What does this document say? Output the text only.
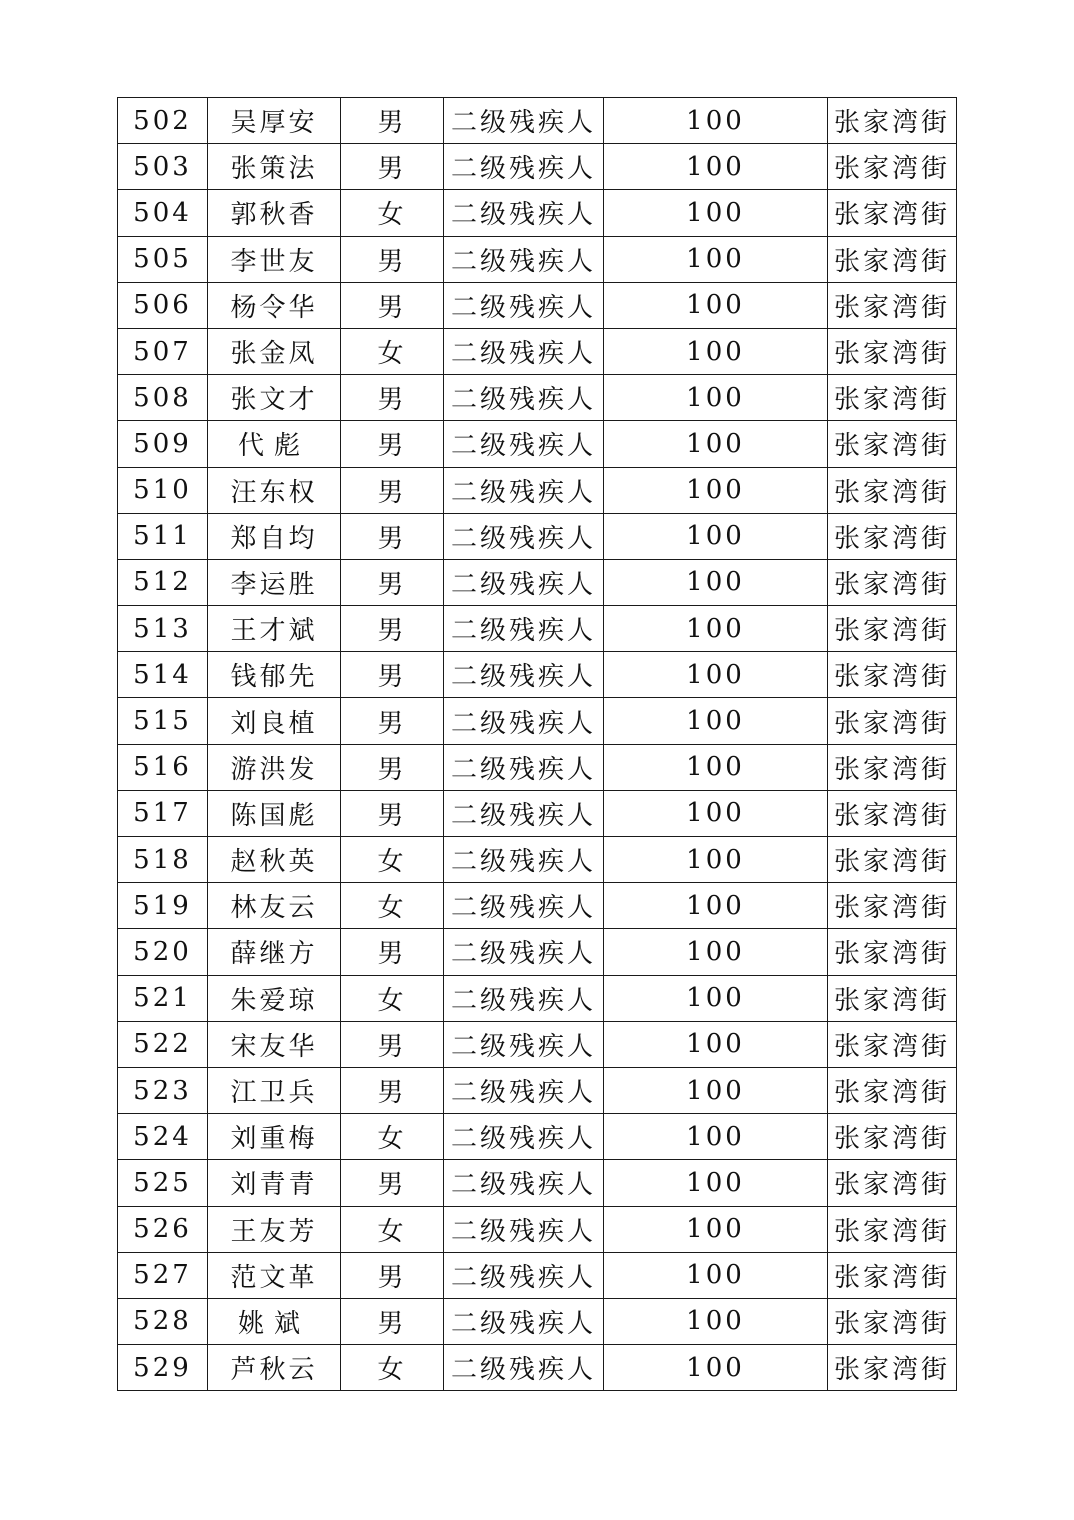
502	吴厚安	男	二级残疾人	100	张家湾街
503	张策法	男	二级残疾人	100	张家湾街
504	郭秋香	女	二级残疾人	100	张家湾街
505	李世友	男	二级残疾人	100	张家湾街
506	杨令华	男	二级残疾人	100	张家湾街
507	张金凤	女	二级残疾人	100	张家湾街
508	张文才	男	二级残疾人	100	张家湾街
509	代彪	男	二级残疾人	100	张家湾街
510	汪东权	男	二级残疾人	100	张家湾街
511	郑自均	男	二级残疾人	100	张家湾街
512	李运胜	男	二级残疾人	100	张家湾街
513	王才斌	男	二级残疾人	100	张家湾街
514	钱郁先	男	二级残疾人	100	张家湾街
515	刘良植	男	二级残疾人	100	张家湾街
516	游洪发	男	二级残疾人	100	张家湾街
517	陈国彪	男	二级残疾人	100	张家湾街
518	赵秋英	女	二级残疾人	100	张家湾街
519	林友云	女	二级残疾人	100	张家湾街
520	薛继方	男	二级残疾人	100	张家湾街
521	朱爱琼	女	二级残疾人	100	张家湾街
522	宋友华	男	二级残疾人	100	张家湾街
523	江卫兵	男	二级残疾人	100	张家湾街
524	刘重梅	女	二级残疾人	100	张家湾街
525	刘青青	男	二级残疾人	100	张家湾街
526	王友芳	女	二级残疾人	100	张家湾街
527	范文革	男	二级残疾人	100	张家湾街
528	姚斌	男	二级残疾人	100	张家湾街
529	芦秋云	女	二级残疾人	100	张家湾街
